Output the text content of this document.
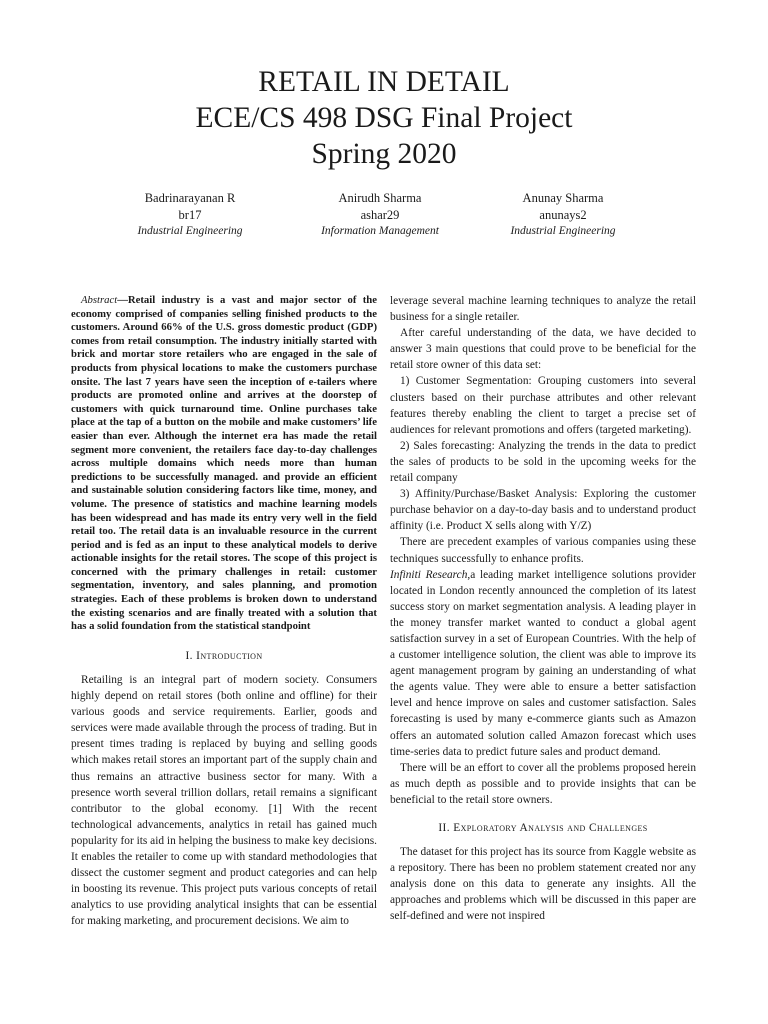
RETAIL IN DETAIL
ECE/CS 498 DSG Final Project
Spring 2020
Badrinarayanan R
br17
Industrial Engineering
Anirudh Sharma
ashar29
Information Management
Anunay Sharma
anunays2
Industrial Engineering

Abstract—Retail industry is a vast and major sector of the economy comprised of companies selling finished products to the customers. Around 66% of the U.S. gross domestic product (GDP) comes from retail consumption. The industry initially started with brick and mortar store retailers who are engaged in the sale of products from physical locations to make the customers purchase onsite. The last 7 years have seen the inception of e-tailers where products are promoted online and arrives at the doorstep of customers with quick turnaround time. Online purchases take place at the tap of a button on the mobile and make customers’ life easier than ever. Although the internet era has made the retail segment more convenient, the retailers face day-to-day challenges across multiple domains which needs more than human predictions to be successfully managed. and provide an efficient and sustainable solution considering factors like time, money, and volume. The presence of statistics and machine learning models has been widespread and has made its entry very well in the field retail too. The retail data is an invaluable resource in the current period and is fed as an input to these analytical models to derive actionable insights for the retail stores. The scope of this project is concerned with the primary challenges in retail: customer segmentation, inventory, and sales planning, and promotion strategies. Each of these problems is broken down to understand the existing scenarios and are finally treated with a solution that has a solid foundation from the statistical standpoint

I. Introduction

Retailing is an integral part of modern society. Consumers highly depend on retail stores (both online and offline) for their various goods and service requirements. Earlier, goods and services were made available through the process of trading. But in present times trading is replaced by buying and selling goods which makes retail stores an important part of the supply chain and thus remains an attractive business sector for many. With a presence worth several trillion dollars, retail remains a significant contributor to the global economy. [1] With the recent technological advancements, analytics in retail has gained much popularity for its aid in helping the business to make key decisions. It enables the retailer to come up with standard methodologies that dissect the customer segment and product categories and can help in boosting its revenue. This project puts various concepts of retail analytics to use providing analytical insights that can be essential for making marketing, and procurement decisions. We aim to

leverage several machine learning techniques to analyze the retail business for a single retailer.

After careful understanding of the data, we have decided to answer 3 main questions that could prove to be beneficial for the retail store owner of this data set:

1) Customer Segmentation: Grouping customers into several clusters based on their purchase attributes and other relevant features thereby enabling the client to target a precise set of audiences for relevant promotions and offers (targeted marketing).

2) Sales forecasting: Analyzing the trends in the data to predict the sales of products to be sold in the upcoming weeks for the retail company

3) Affinity/Purchase/Basket Analysis: Exploring the customer purchase behavior on a day-to-day basis and to understand product affinity (i.e. Product X sells along with Y/Z)

There are precedent examples of various companies using these techniques successfully to enhance profits.

Infiniti Research,a leading market intelligence solutions provider located in London recently announced the completion of its latest success story on market segmentation analysis. A leading player in the money transfer market wanted to conduct a global agent satisfaction survey in a set of European Countries. With the help of a customer intelligence solution, the client was able to improve its agent management program by gaining an understanding of what the agents value. They were able to ensure a better satisfaction level and hence improve on sales and customer satisfaction. Sales forecasting is used by many e-commerce giants such as Amazon offers an automated solution called Amazon forecast which uses time-series data to predict future sales and product demand.

There will be an effort to cover all the problems proposed herein as much depth as possible and to provide insights that can be beneficial to the retail store owners.

II. Exploratory Analysis and Challenges

The dataset for this project has its source from Kaggle website as a repository. There has been no problem statement created nor any analysis done on this data to generate any insights. All the approaches and problems which will be discussed in this paper are self-defined and were not inspired
